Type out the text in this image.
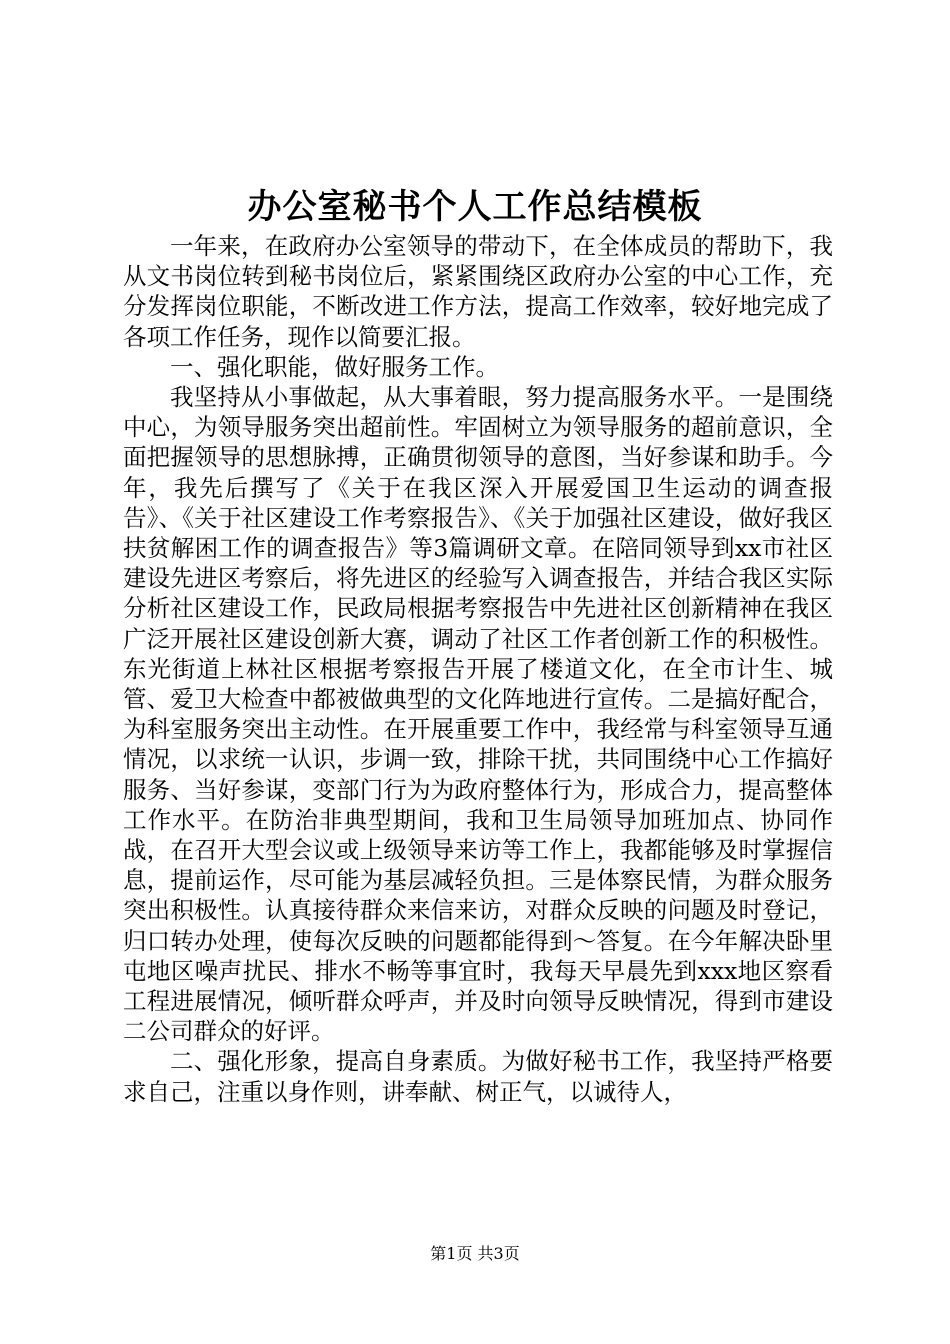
办公室秘书个人工作总结模板

一年来，在政府办公室领导的带动下，在全体成员的帮助下，我从文书岗位转到秘书岗位后，紧紧围绕区政府办公室的中心工作，充分发挥岗位职能，不断改进工作方法，提高工作效率，较好地完成了各项工作任务，现作以简要汇报。

一、强化职能，做好服务工作。

我坚持从小事做起，从大事着眼，努力提高服务水平。一是围绕中心，为领导服务突出超前性。牢固树立为领导服务的超前意识，全面把握领导的思想脉搏，正确贯彻领导的意图，当好参谋和助手。今年，我先后撰写了《关于在我区深入开展爱国卫生运动的调查报告》、《关于社区建设工作考察报告》、《关于加强社区建设，做好我区扶贫解困工作的调查报告》等3篇调研文章。在陪同领导到xx市社区建设先进区考察后，将先进区的经验写入调查报告，并结合我区实际分析社区建设工作，民政局根据考察报告中先进社区创新精神在我区广泛开展社区建设创新大赛，调动了社区工作者创新工作的积极性。东光街道上林社区根据考察报告开展了楼道文化，在全市计生、城管、爱卫大检查中都被做典型的文化阵地进行宣传。二是搞好配合，为科室服务突出主动性。在开展重要工作中，我经常与科室领导互通情况，以求统一认识，步调一致，排除干扰，共同围绕中心工作搞好服务、当好参谋，变部门行为为政府整体行为，形成合力，提高整体工作水平。在防治非典型期间，我和卫生局领导加班加点、协同作战，在召开大型会议或上级领导来访等工作上，我都能够及时掌握信息，提前运作，尽可能为基层减轻负担。三是体察民情，为群众服务突出积极性。认真接待群众来信来访，对群众反映的问题及时登记，归口转办处理，使每次反映的问题都能得到～答复。在今年解决卧里屯地区噪声扰民、排水不畅等事宜时，我每天早晨先到xxx地区察看工程进展情况，倾听群众呼声，并及时向领导反映情况，得到市建设二公司群众的好评。

二、强化形象，提高自身素质。为做好秘书工作，我坚持严格要求自己，注重以身作则，讲奉献、树正气，以诚待人，

第1页 共3页
